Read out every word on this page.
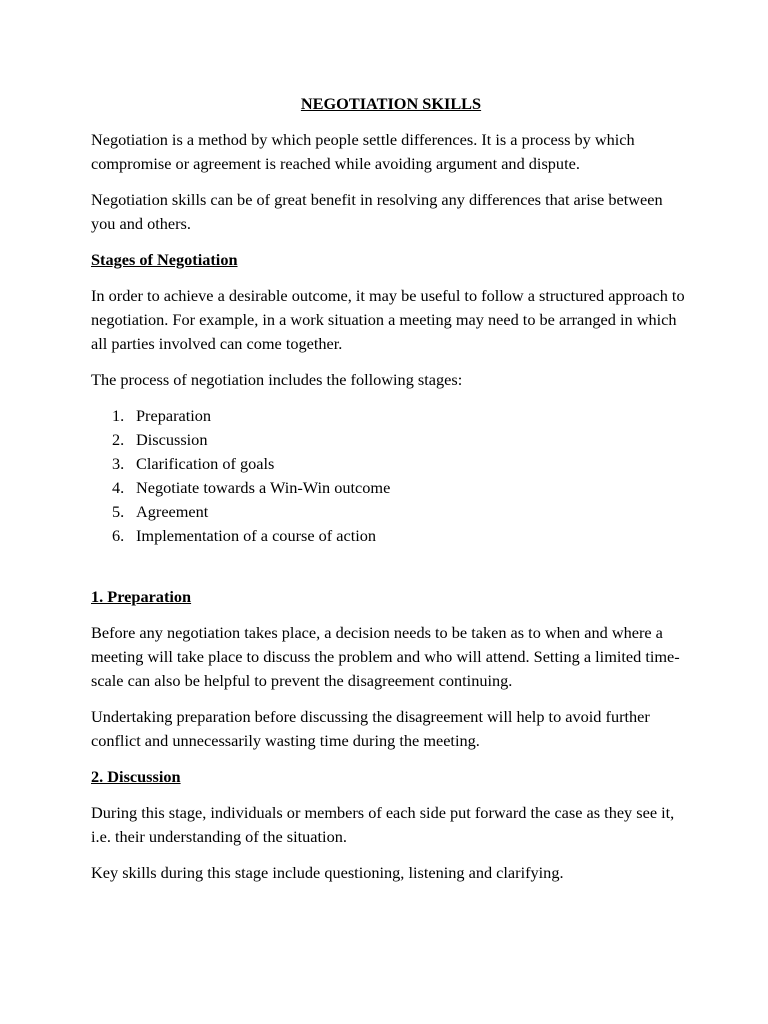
NEGOTIATION SKILLS

Negotiation is a method by which people settle differences. It is a process by which compromise or agreement is reached while avoiding argument and dispute.

Negotiation skills can be of great benefit in resolving any differences that arise between you and others.

Stages of Negotiation

In order to achieve a desirable outcome, it may be useful to follow a structured approach to negotiation. For example, in a work situation a meeting may need to be arranged in which all parties involved can come together.

The process of negotiation includes the following stages:

1. Preparation
2. Discussion
3. Clarification of goals
4. Negotiate towards a Win-Win outcome
5. Agreement
6. Implementation of a course of action
1. Preparation

Before any negotiation takes place, a decision needs to be taken as to when and where a meeting will take place to discuss the problem and who will attend. Setting a limited time-scale can also be helpful to prevent the disagreement continuing.

Undertaking preparation before discussing the disagreement will help to avoid further conflict and unnecessarily wasting time during the meeting.

2. Discussion

During this stage, individuals or members of each side put forward the case as they see it, i.e. their understanding of the situation.

Key skills during this stage include questioning, listening and clarifying.
